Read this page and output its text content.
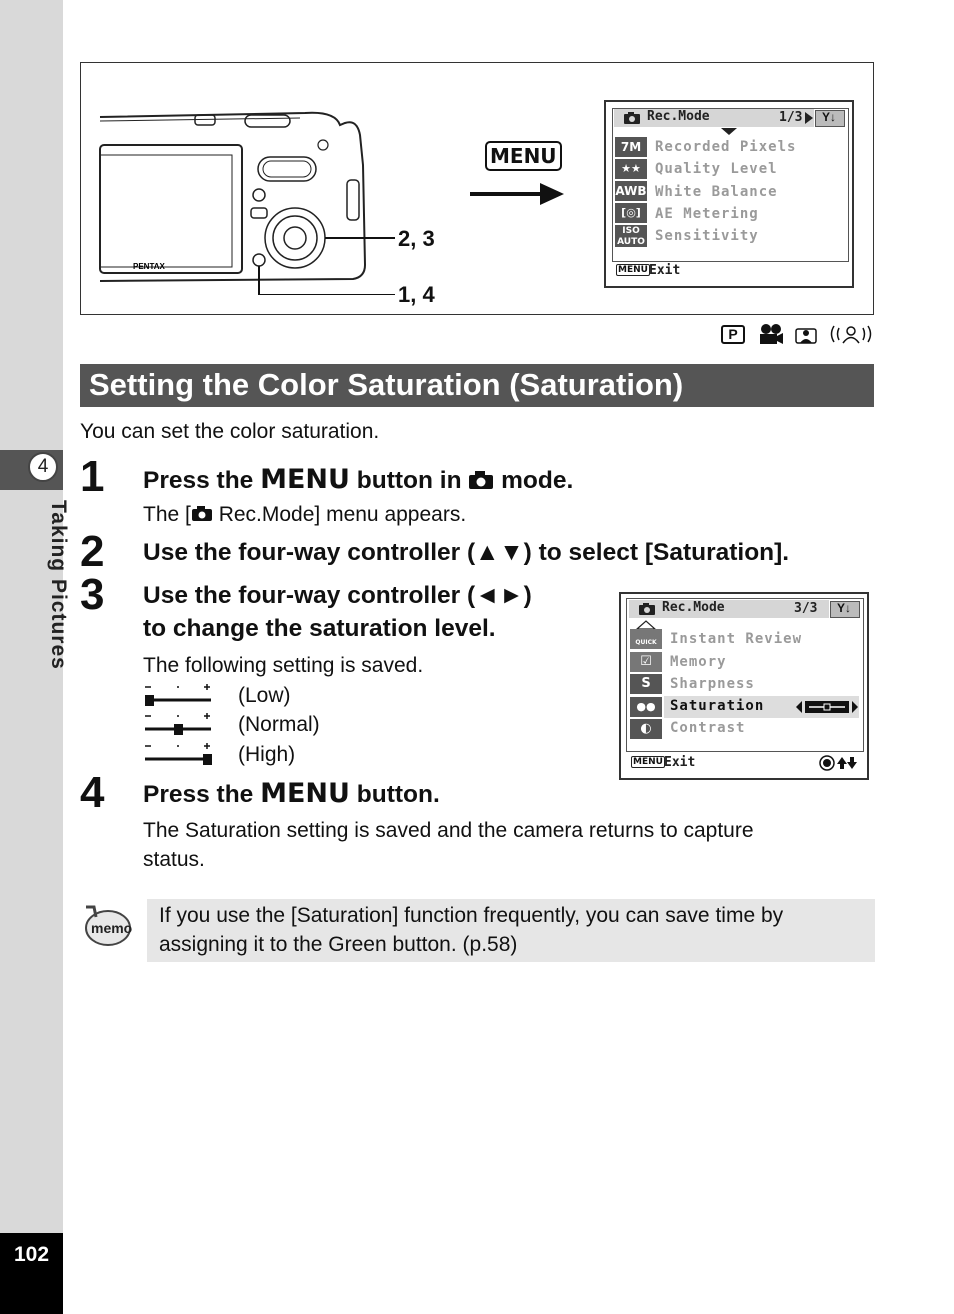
4
Taking Pictures
102
PENTAX
2, 3
1, 4
MENU
Rec.Mode	1/3 Y↓
7M Recorded Pixels
★★	Quality Level
AWB White Balance
[◎]	AE Metering
ISO AUTO Sensitivity
MENU Exit
P
Setting the Color Saturation (Saturation)
You can set the color saturation.
1 Press the MENU button in  mode.
The [ Rec.Mode] menu appears.
2 Use the four-way controller (▲▼) to select [Saturation].
3 Use the four-way controller (◄►)
to change the saturation level.
The following setting is saved.
(Low)
(Normal)
(High)
Rec.Mode	3/3 Y↓
QUICK Instant Review
☑	Memory
S	Sharpness
●●	Saturation
◐	Contrast
MENU Exit
4 Press the MENU button.
The Saturation setting is saved and the camera returns to capture
status.
memo
If you use the [Saturation] function frequently, you can save time by
assigning it to the Green button. (p.58)
